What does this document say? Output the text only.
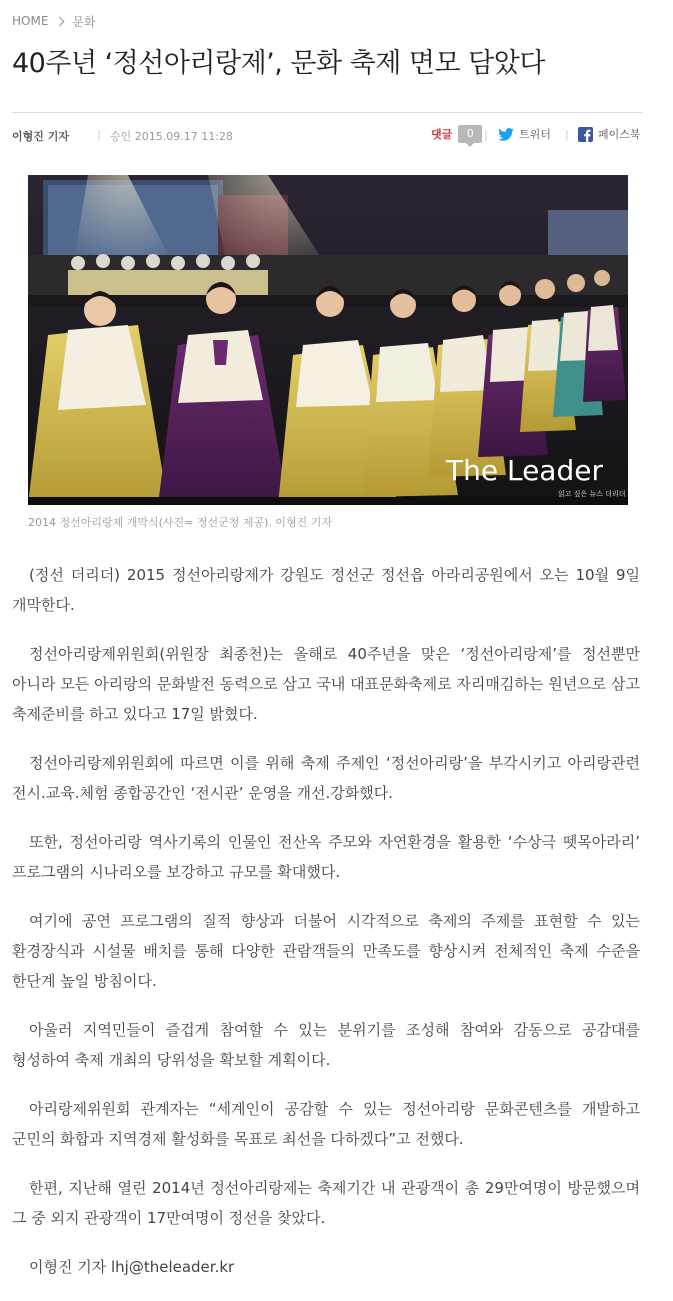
HOME 문화
40주년 ‘정선아리랑제’, 문화 축제 면모 담았다
이형진 기자	| 승인 2015.09.17 11:28	댓글	0 |	트위터 |	페이스북
The Leader
읽고 싶은 뉴스 더리더
2014 정선아리랑제 개막식(사진= 정선군청 제공). 이형진 기자

(정선 더리더) 2015 정선아리랑제가 강원도 정선군 정선읍 아라리공원에서 오는 10월 9일 개막한다.

정선아리랑제위원회(위원장 최종천)는 올해로 40주년을 맞은 ‘정선아리랑제’를 정선뿐만 아니라 모든 아리랑의 문화발전 동력으로 삼고 국내 대표문화축제로 자리매김하는 원년으로 삼고 축제준비를 하고 있다고 17일 밝혔다.

정선아리랑제위원회에 따르면 이를 위해 축제 주제인 ‘정선아리랑’을 부각시키고 아리랑관련 전시.교육.체험 종합공간인 ‘전시관’ 운영을 개선.강화했다.

또한, 정선아리랑 역사기록의 인물인 전산옥 주모와 자연환경을 활용한 ‘수상극 뗏목아라리’ 프로그램의 시나리오를 보강하고 규모를 확대했다.

여기에 공연 프로그램의 질적 향상과 더불어 시각적으로 축제의 주제를 표현할 수 있는 환경장식과 시설물 배치를 통해 다양한 관람객들의 만족도를 향상시켜 전체적인 축제 수준을 한단계 높일 방침이다.

아울러 지역민들이 즐겁게 참여할 수 있는 분위기를 조성해 참여와 감동으로 공감대를 형성하여 축제 개최의 당위성을 확보할 계획이다.

아리랑제위원회 관계자는 “세계인이 공감할 수 있는 정선아리랑 문화콘텐츠를 개발하고 군민의 화합과 지역경제 활성화를 목표로 최선을 다하겠다”고 전했다.

한편, 지난해 열린 2014년 정선아리랑제는 축제기간 내 관광객이 총 29만여명이 방문했으며 그 중 외지 관광객이 17만여명이 정선을 찾았다.

이형진 기자 lhj@theleader.kr
